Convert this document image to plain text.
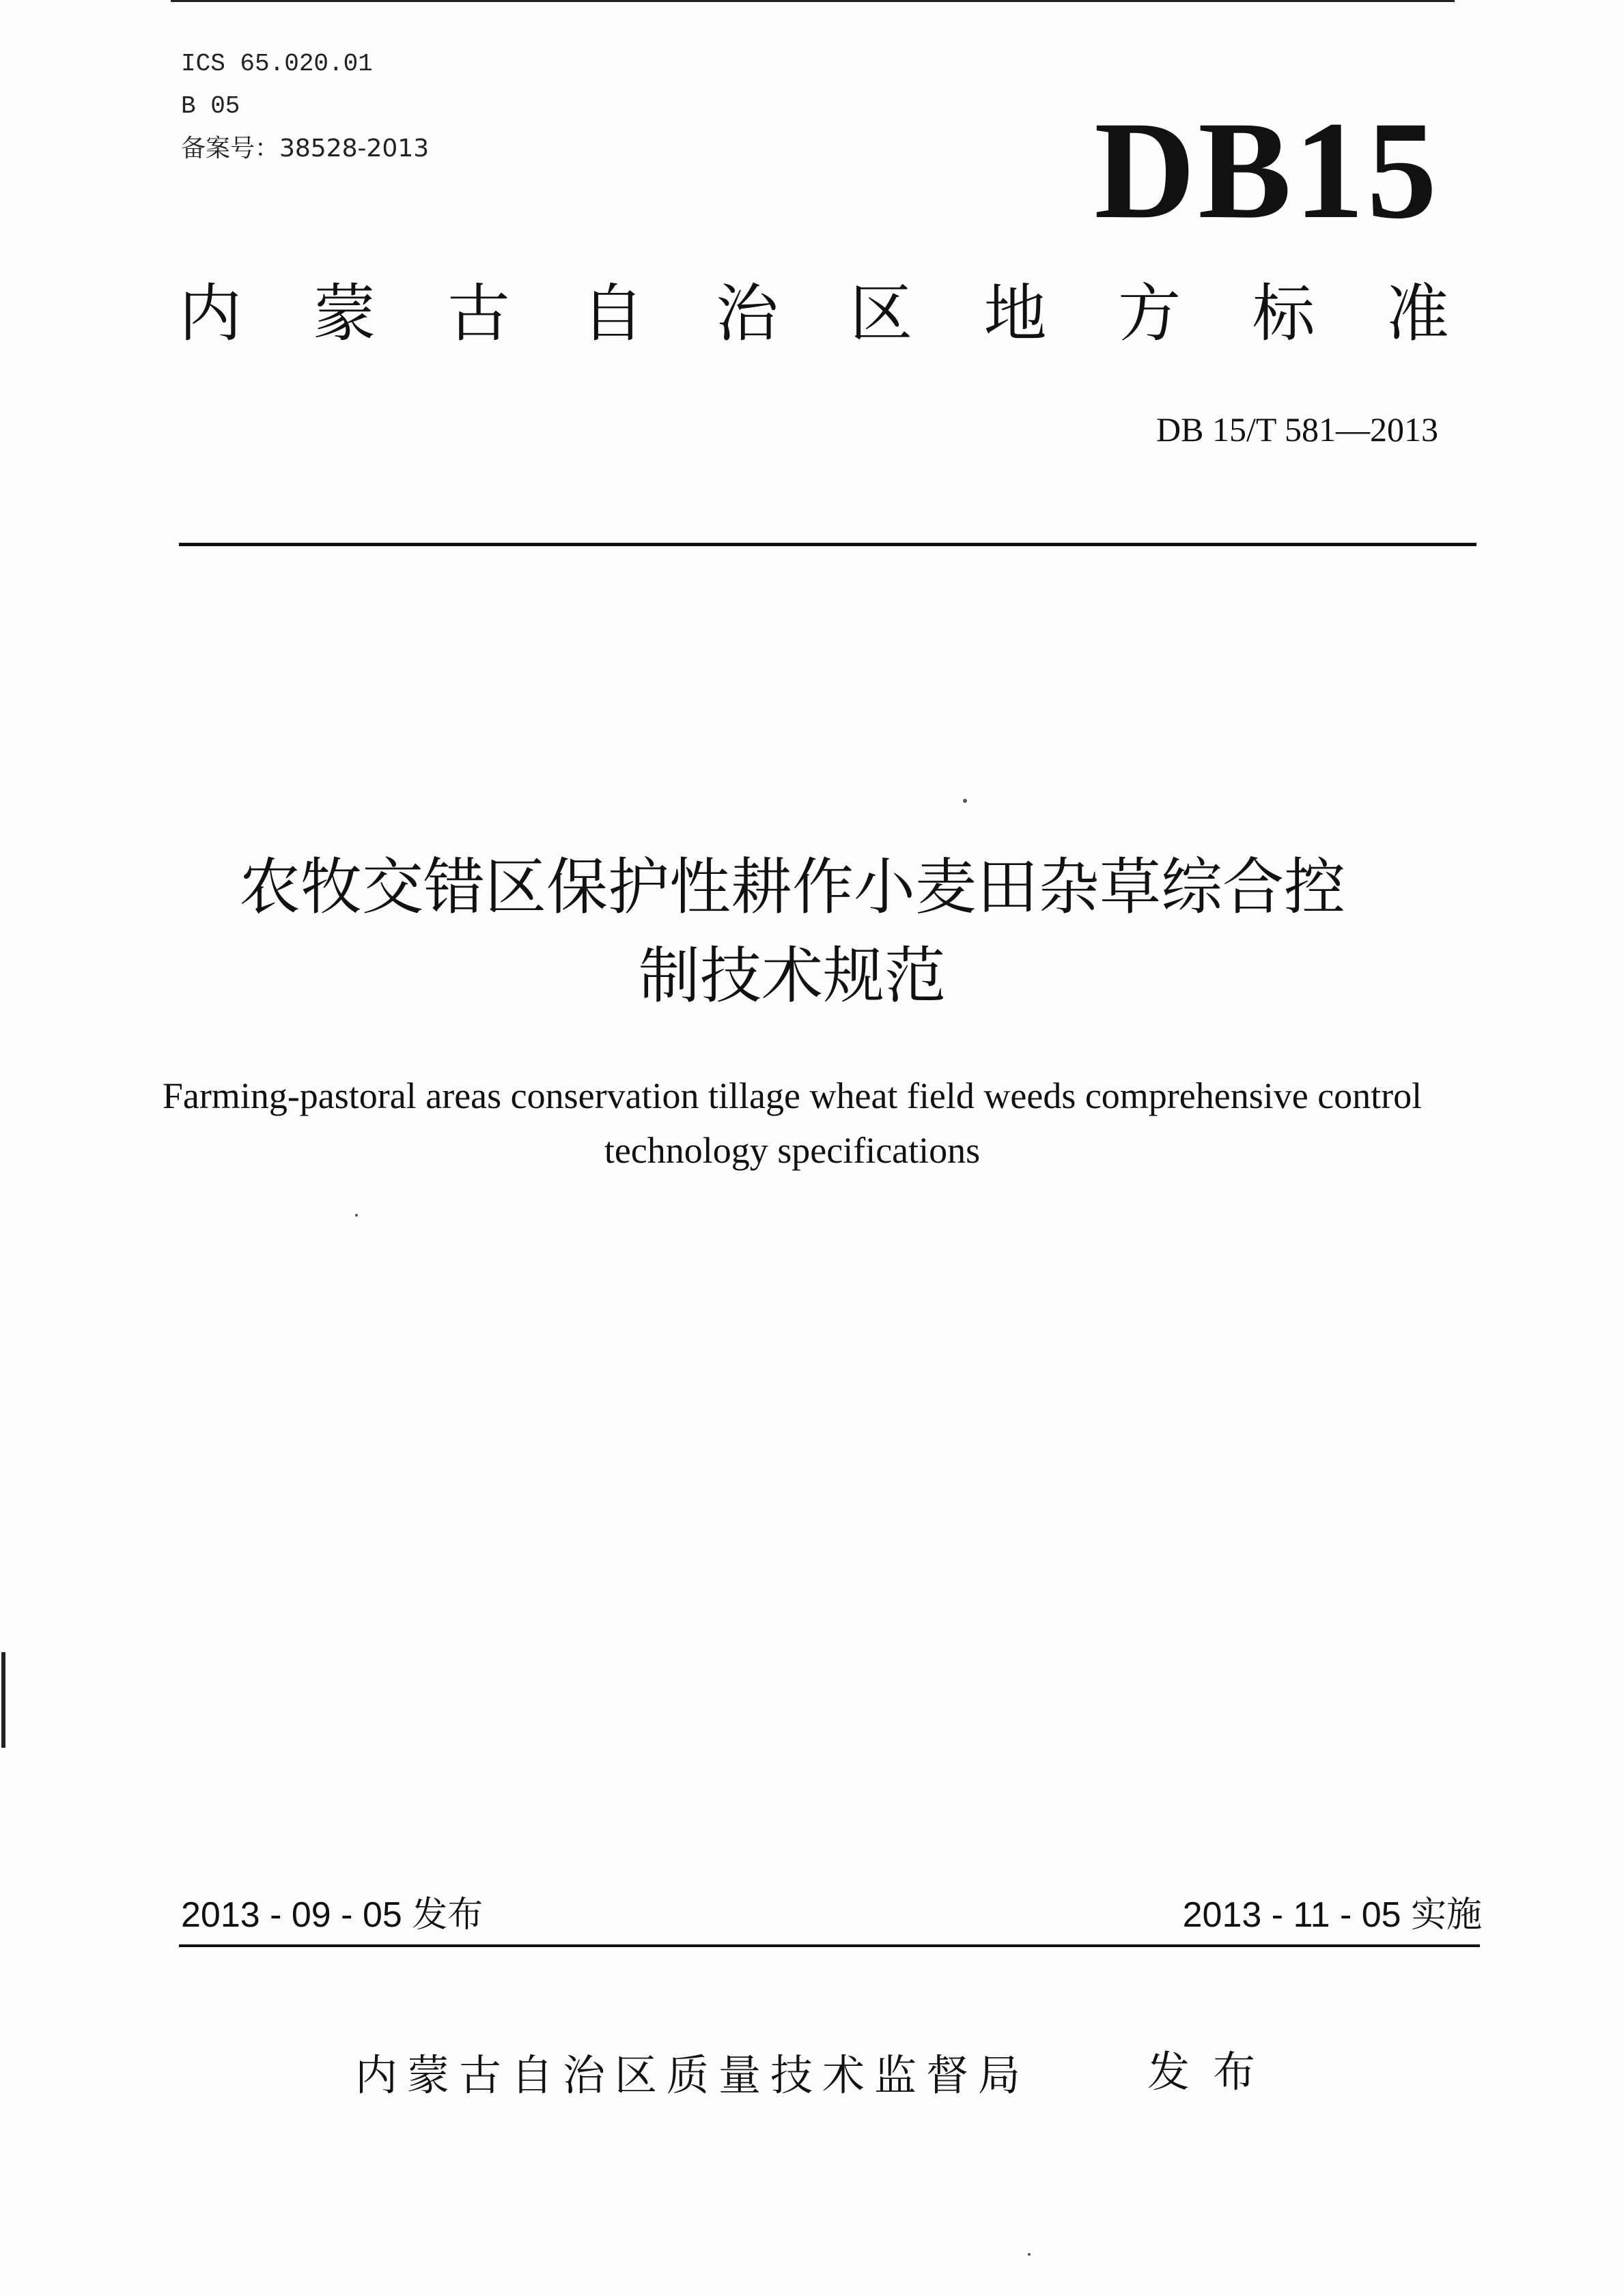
ICS 65.020.01
B 05
备案号：38528-2013	DB15
内 蒙 古 自 治 区 地 方 标 准
DB 15/T 581—2013
农牧交错区保护性耕作小麦田杂草综合控
制技术规范
Farming-pastoral areas conservation tillage wheat field weeds comprehensive control
technology specifications
2013 - 09 - 05 发布	2013 - 11 - 05 实施
内蒙古自治区质量技术监督局	发布
